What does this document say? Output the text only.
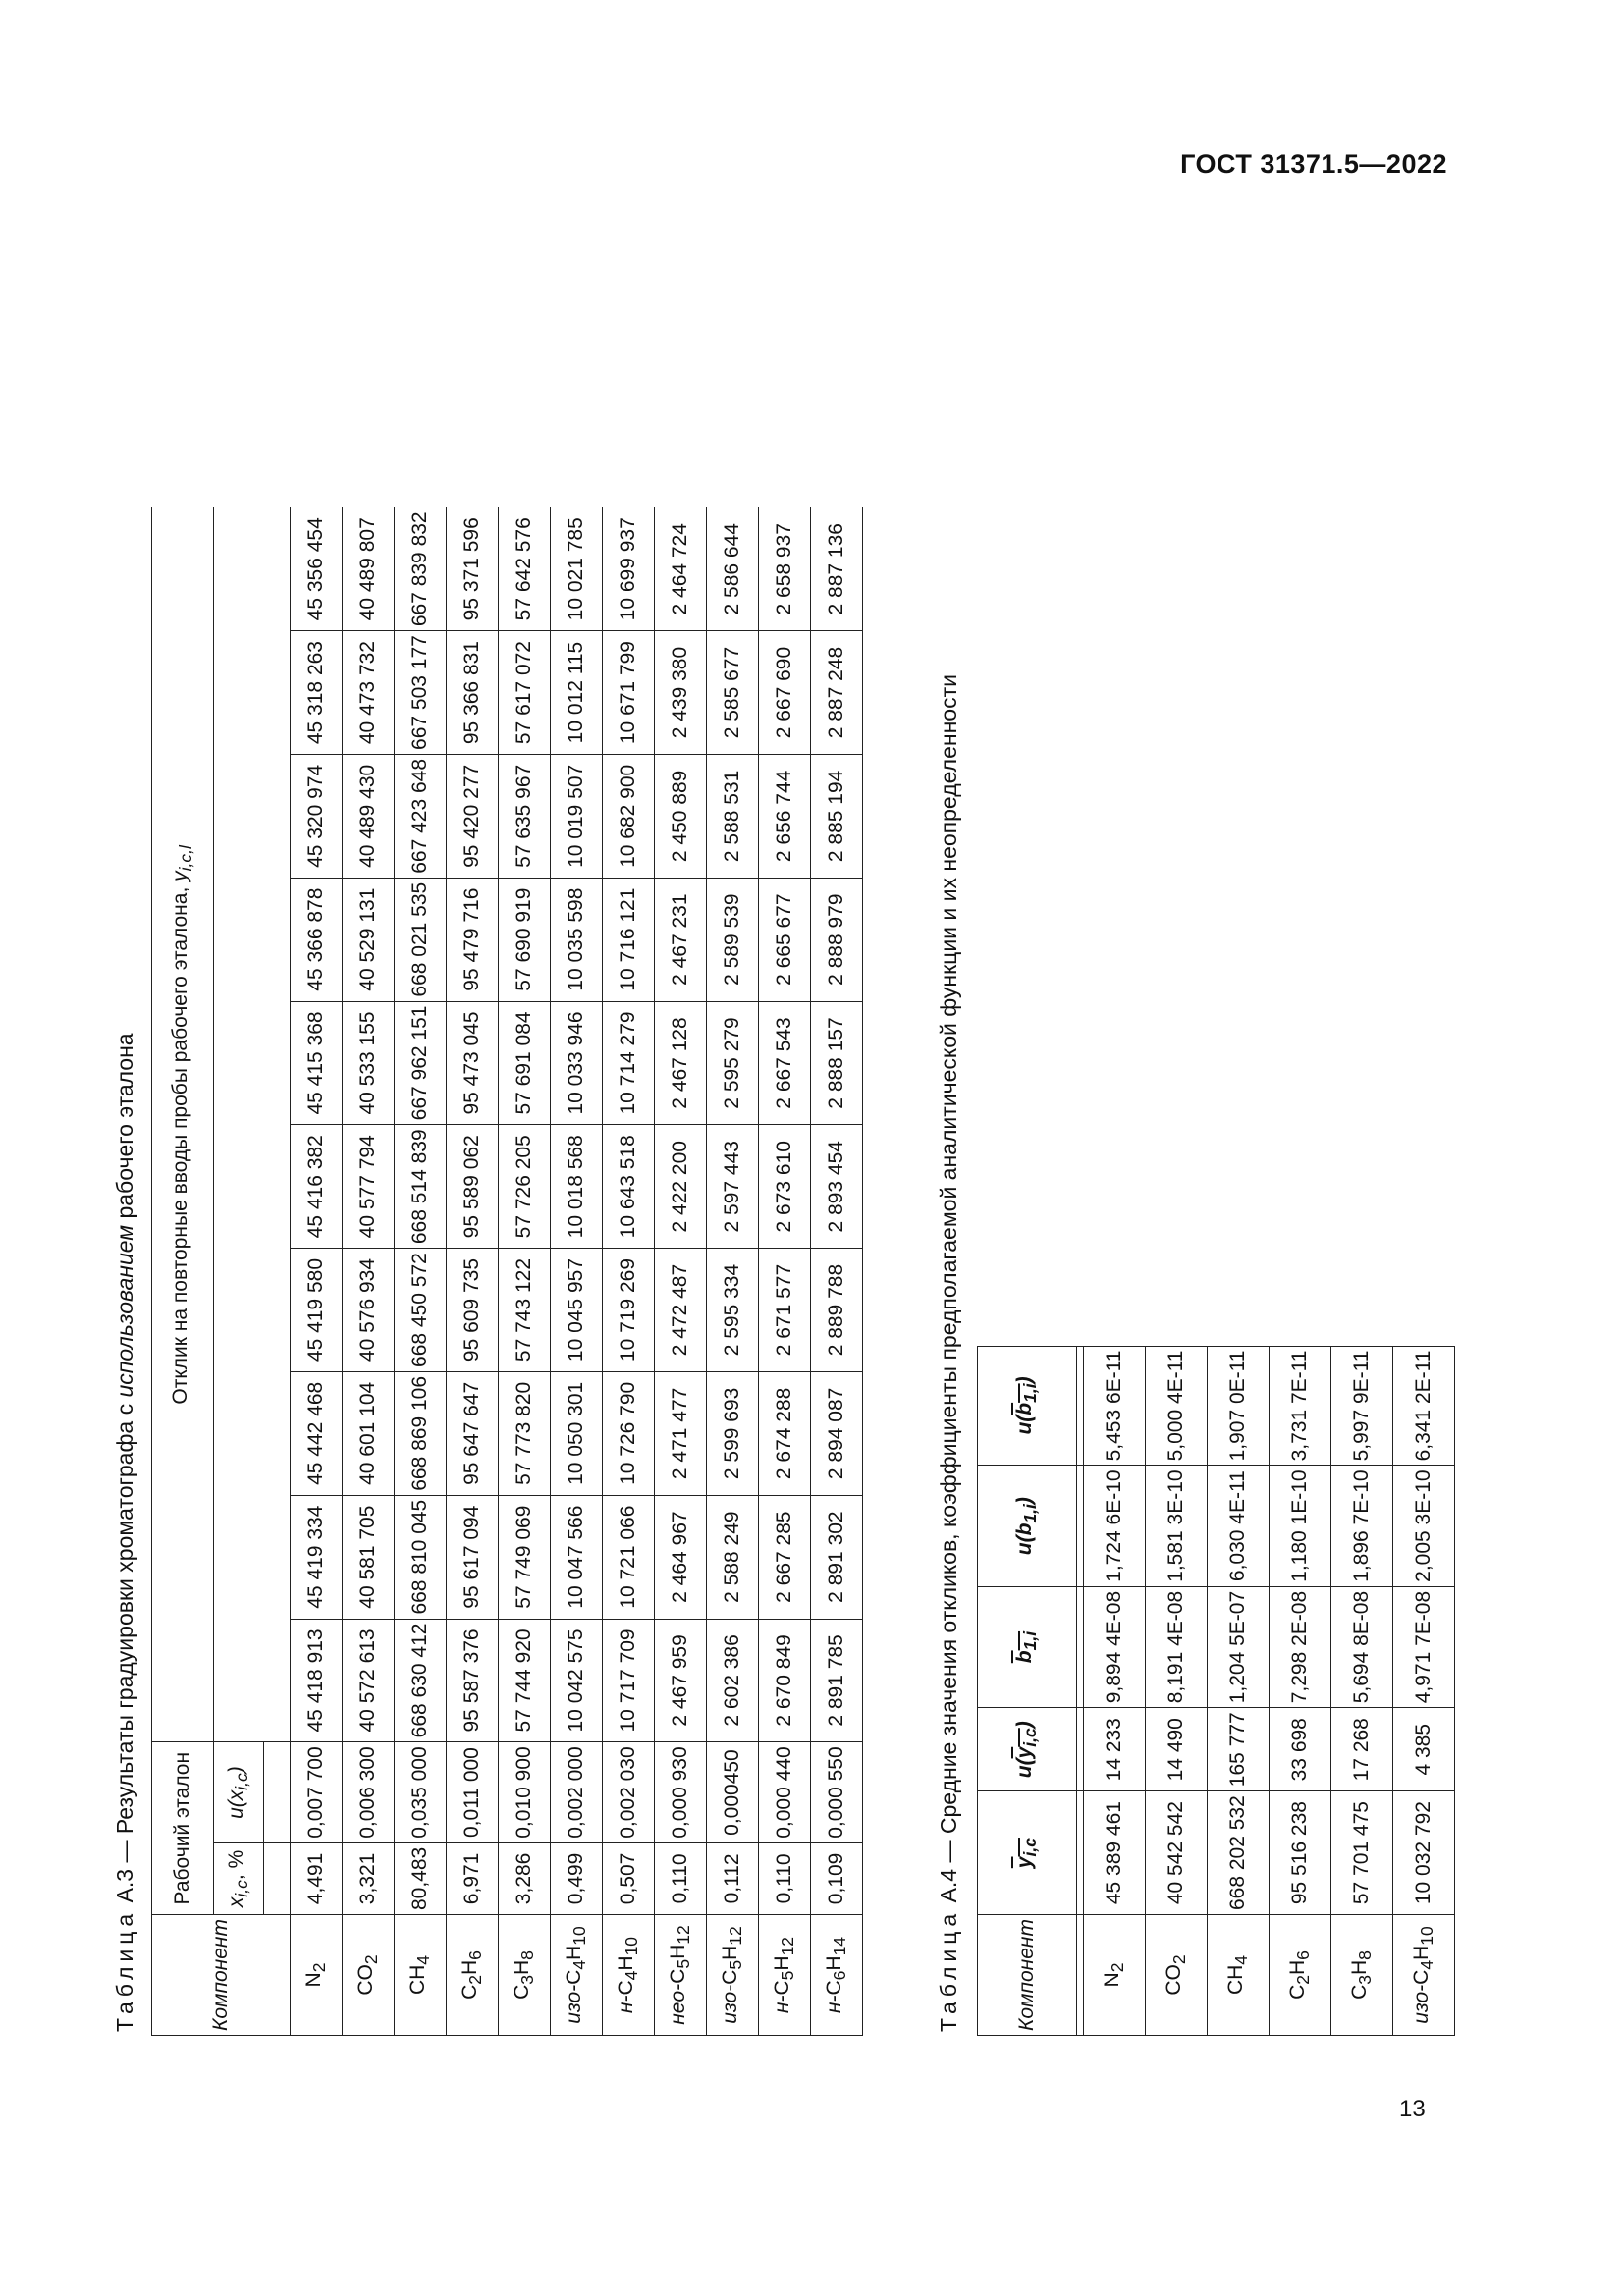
ГОСТ 31371.5—2022
Таблица А.3 — Результаты градуировки хроматографа с использованием рабочего эталона
Компонент	Рабочий эталон		Отклик на повторные вводы пробы рабочего эталона, $y_{i,c,l}$
	$x_{i,c}$, %	$u(x_{i,c})$										

$N_2$	4,491	0,007 700	45 418 913	45 419 334	45 442 468	45 419 580	45 416 382	45 415 368	45 366 878	45 320 974	45 318 263	45 356 454
$CO_2$	3,321	0,006 300	40 572 613	40 581 705	40 601 104	40 576 934	40 577 794	40 533 155	40 529 131	40 489 430	40 473 732	40 489 807
$CH_4$	80,483	0,035 000	668 630 412	668 810 045	668 869 106	668 450 572	668 514 839	667 962 151	668 021 535	667 423 648	667 503 177	667 839 832
$C_2H_6$	6,971	0,011 000	95 587 376	95 617 094	95 647 647	95 609 735	95 589 062	95 473 045	95 479 716	95 420 277	95 366 831	95 371 596
$C_3H_8$	3,286	0,010 900	57 744 920	57 749 069	57 773 820	57 743 122	57 726 205	57 691 084	57 690 919	57 635 967	57 617 072	57 642 576
изо-$C_4H_{10}$	0,499	0,002 000	10 042 575	10 047 566	10 050 301	10 045 957	10 018 568	10 033 946	10 035 598	10 019 507	10 012 115	10 021 785
$н-C_4H_{10}$	0,507	0,002 030	10 717 709	10 721 066	10 726 790	10 719 269	10 643 518	10 714 279	10 716 121	10 682 900	10 671 799	10 699 937
нео-$C_5H_{12}$	0,110	0,000 930	2 467 959	2 464 967	2 471 477	2 472 487	2 422 200	2 467 128	2 467 231	2 450 889	2 439 380	2 464 724
изо-$C_5H_{12}$	0,112	0,000450	2 602 386	2 588 249	2 599 693	2 595 334	2 597 443	2 595 279	2 589 539	2 588 531	2 585 677	2 586 644
$н-C_5H_{12}$	0,110	0,000 440	2 670 849	2 667 285	2 674 288	2 671 577	2 673 610	2 667 543	2 665 677	2 656 744	2 667 690	2 658 937
$н-C_6H_{14}$	0,109	0,000 550	2 891 785	2 891 302	2 894 087	2 889 788	2 893 454	2 888 157	2 888 979	2 885 194	2 887 248	2 887 136
Таблица А.4 — Средние значения откликов, коэффициенты предполагаемой аналитической функции и их неопределенности
Компонент	$y_{i,c}$	$u(y_{i,c})$	$b_{1,i}$	$u(b_{1,i})$	$u(b_{1,i})$

$N_2$	45 389 461	14 233	9,894 4E-08	1,724 6E-10	5,453 6E-11
$CO_2$	40 542 542	14 490	8,191 4E-08	1,581 3E-10	5,000 4E-11
$CH_4$	668 202 532	165 777	1,204 5E-07	6,030 4E-11	1,907 0E-11
$C_2H_6$	95 516 238	33 698	7,298 2E-08	1,180 1E-10	3,731 7E-11
$C_3H_8$	57 701 475	17 268	5,694 8E-08	1,896 7E-10	5,997 9E-11
изо-$C_4H_{10}$	10 032 792	4 385	4,971 7E-08	2,005 3E-10	6,341 2E-11
13
